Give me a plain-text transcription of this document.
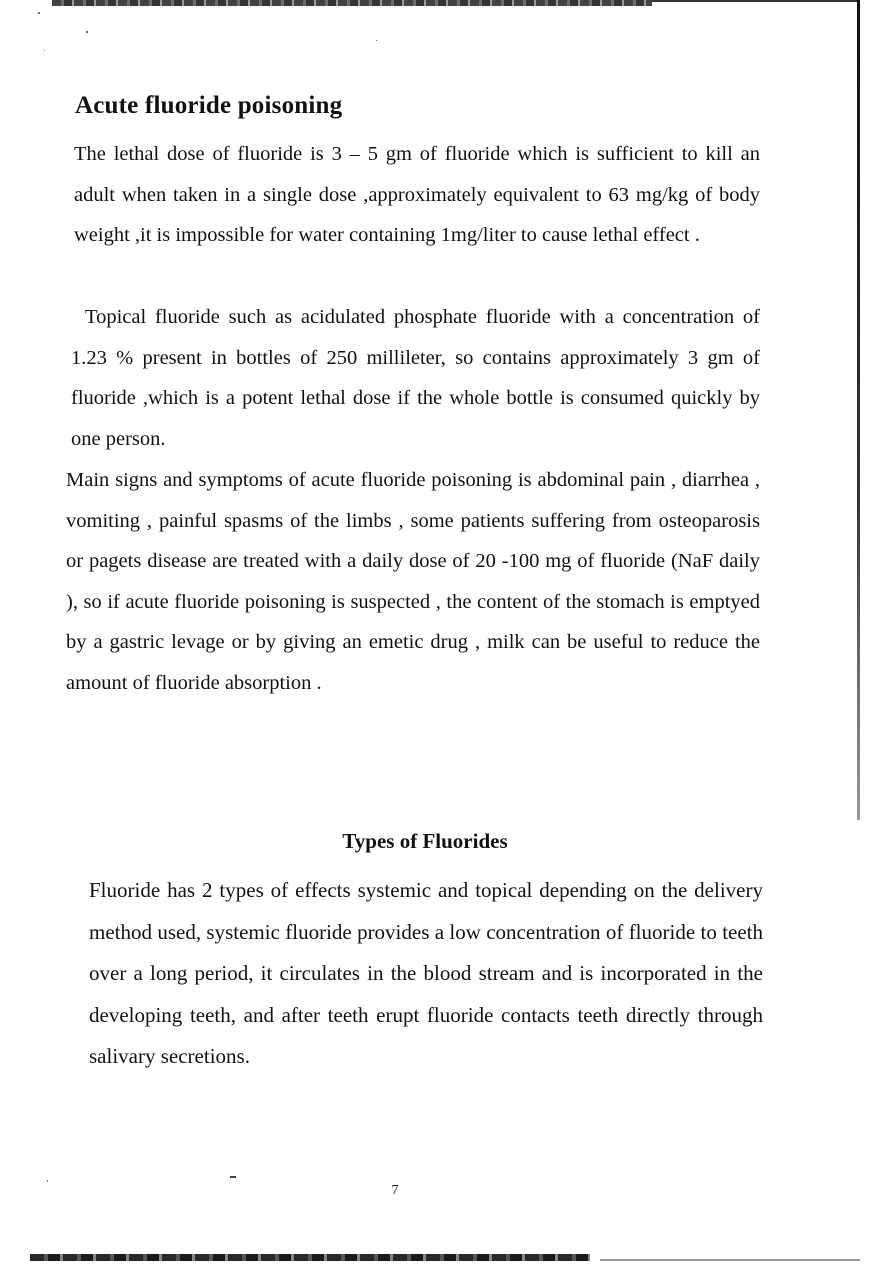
Acute fluoride poisoning

The lethal dose of fluoride is 3 – 5 gm of fluoride which is sufficient to kill an adult when taken in a single dose ,approximately equivalent to 63 mg/kg of body weight ,it is impossible for water containing 1mg/liter to cause lethal effect .

Topical fluoride such as acidulated phosphate fluoride with a concentration of 1.23 % present in bottles of 250 millileter, so contains approximately 3 gm of fluoride ,which is a potent lethal dose if the whole bottle is consumed quickly by one person.

Main signs and symptoms of acute fluoride poisoning is abdominal pain , diarrhea , vomiting , painful spasms of the limbs , some patients suffering from osteoparosis or pagets disease are treated with a daily dose of 20 -100 mg of fluoride (NaF daily ), so if acute fluoride poisoning is suspected , the content of the stomach is emptyed by a gastric levage or by giving an emetic drug , milk can be useful to reduce the amount of fluoride absorption .

Types of Fluorides

Fluoride has 2 types of effects systemic and topical depending on the delivery method used, systemic fluoride provides a low concentration of fluoride to teeth over a long period, it circulates in the blood stream and is incorporated in the developing teeth, and after teeth erupt fluoride contacts teeth directly through salivary secretions.

7
